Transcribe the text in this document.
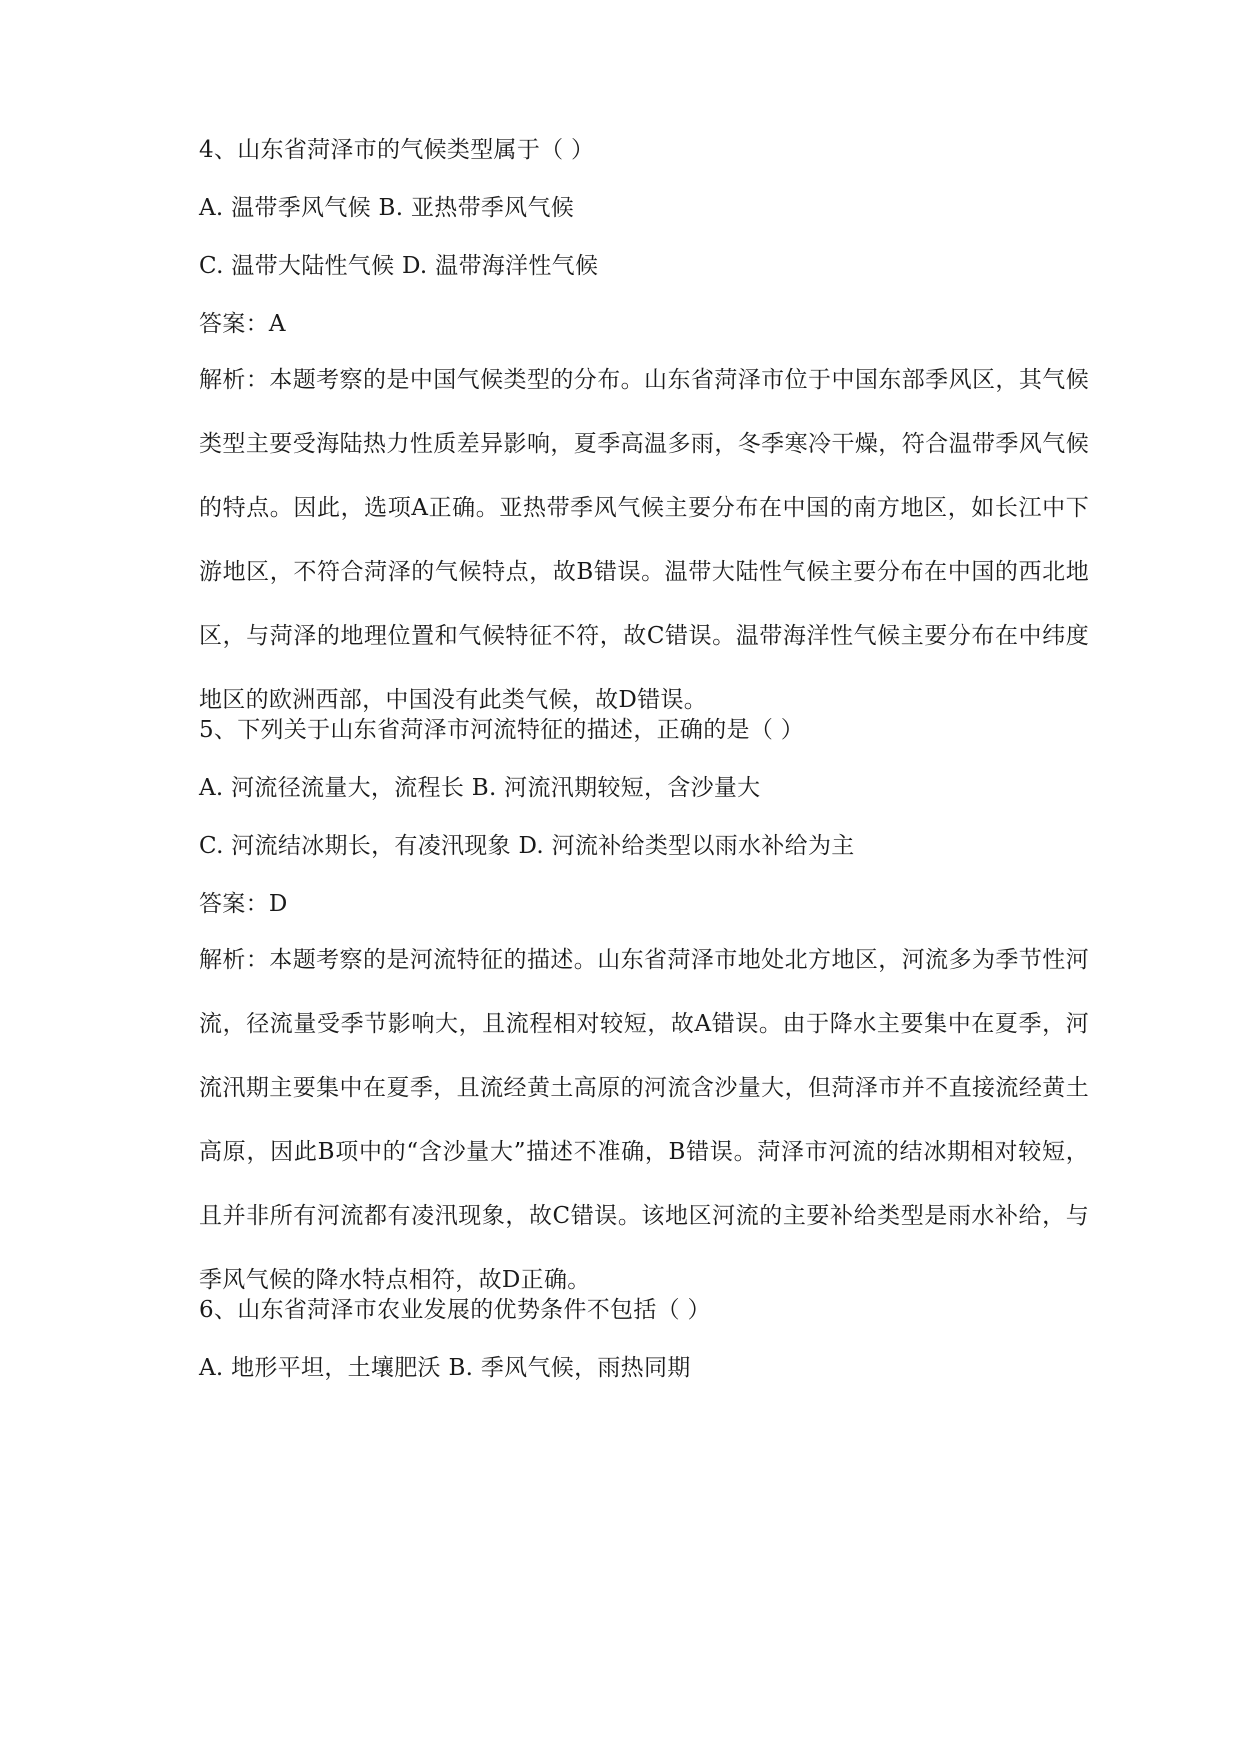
4、山东省菏泽市的气候类型属于（ ）
A. 温带季风气候 B. 亚热带季风气候
C. 温带大陆性气候 D. 温带海洋性气候
答案：A
解析：本题考察的是中国气候类型的分布。山东省菏泽市位于中国东部季风区，其气候类型主要受海陆热力性质差异影响，夏季高温多雨，冬季寒冷干燥，符合温带季风气候的特点。因此，选项A正确。亚热带季风气候主要分布在中国的南方地区，如长江中下游地区，不符合菏泽的气候特点，故B错误。温带大陆性气候主要分布在中国的西北地区，与菏泽的地理位置和气候特征不符，故C错误。温带海洋性气候主要分布在中纬度地区的欧洲西部，中国没有此类气候，故D错误。
5、下列关于山东省菏泽市河流特征的描述，正确的是（ ）
A. 河流径流量大，流程长 B. 河流汛期较短，含沙量大
C. 河流结冰期长，有凌汛现象 D. 河流补给类型以雨水补给为主
答案：D
解析：本题考察的是河流特征的描述。山东省菏泽市地处北方地区，河流多为季节性河流，径流量受季节影响大，且流程相对较短，故A错误。由于降水主要集中在夏季，河流汛期主要集中在夏季，且流经黄土高原的河流含沙量大，但菏泽市并不直接流经黄土高原，因此B项中的“含沙量大”描述不准确，B错误。菏泽市河流的结冰期相对较短，且并非所有河流都有凌汛现象，故C错误。该地区河流的主要补给类型是雨水补给，与季风气候的降水特点相符，故D正确。
6、山东省菏泽市农业发展的优势条件不包括（ ）
A. 地形平坦，土壤肥沃 B. 季风气候，雨热同期
